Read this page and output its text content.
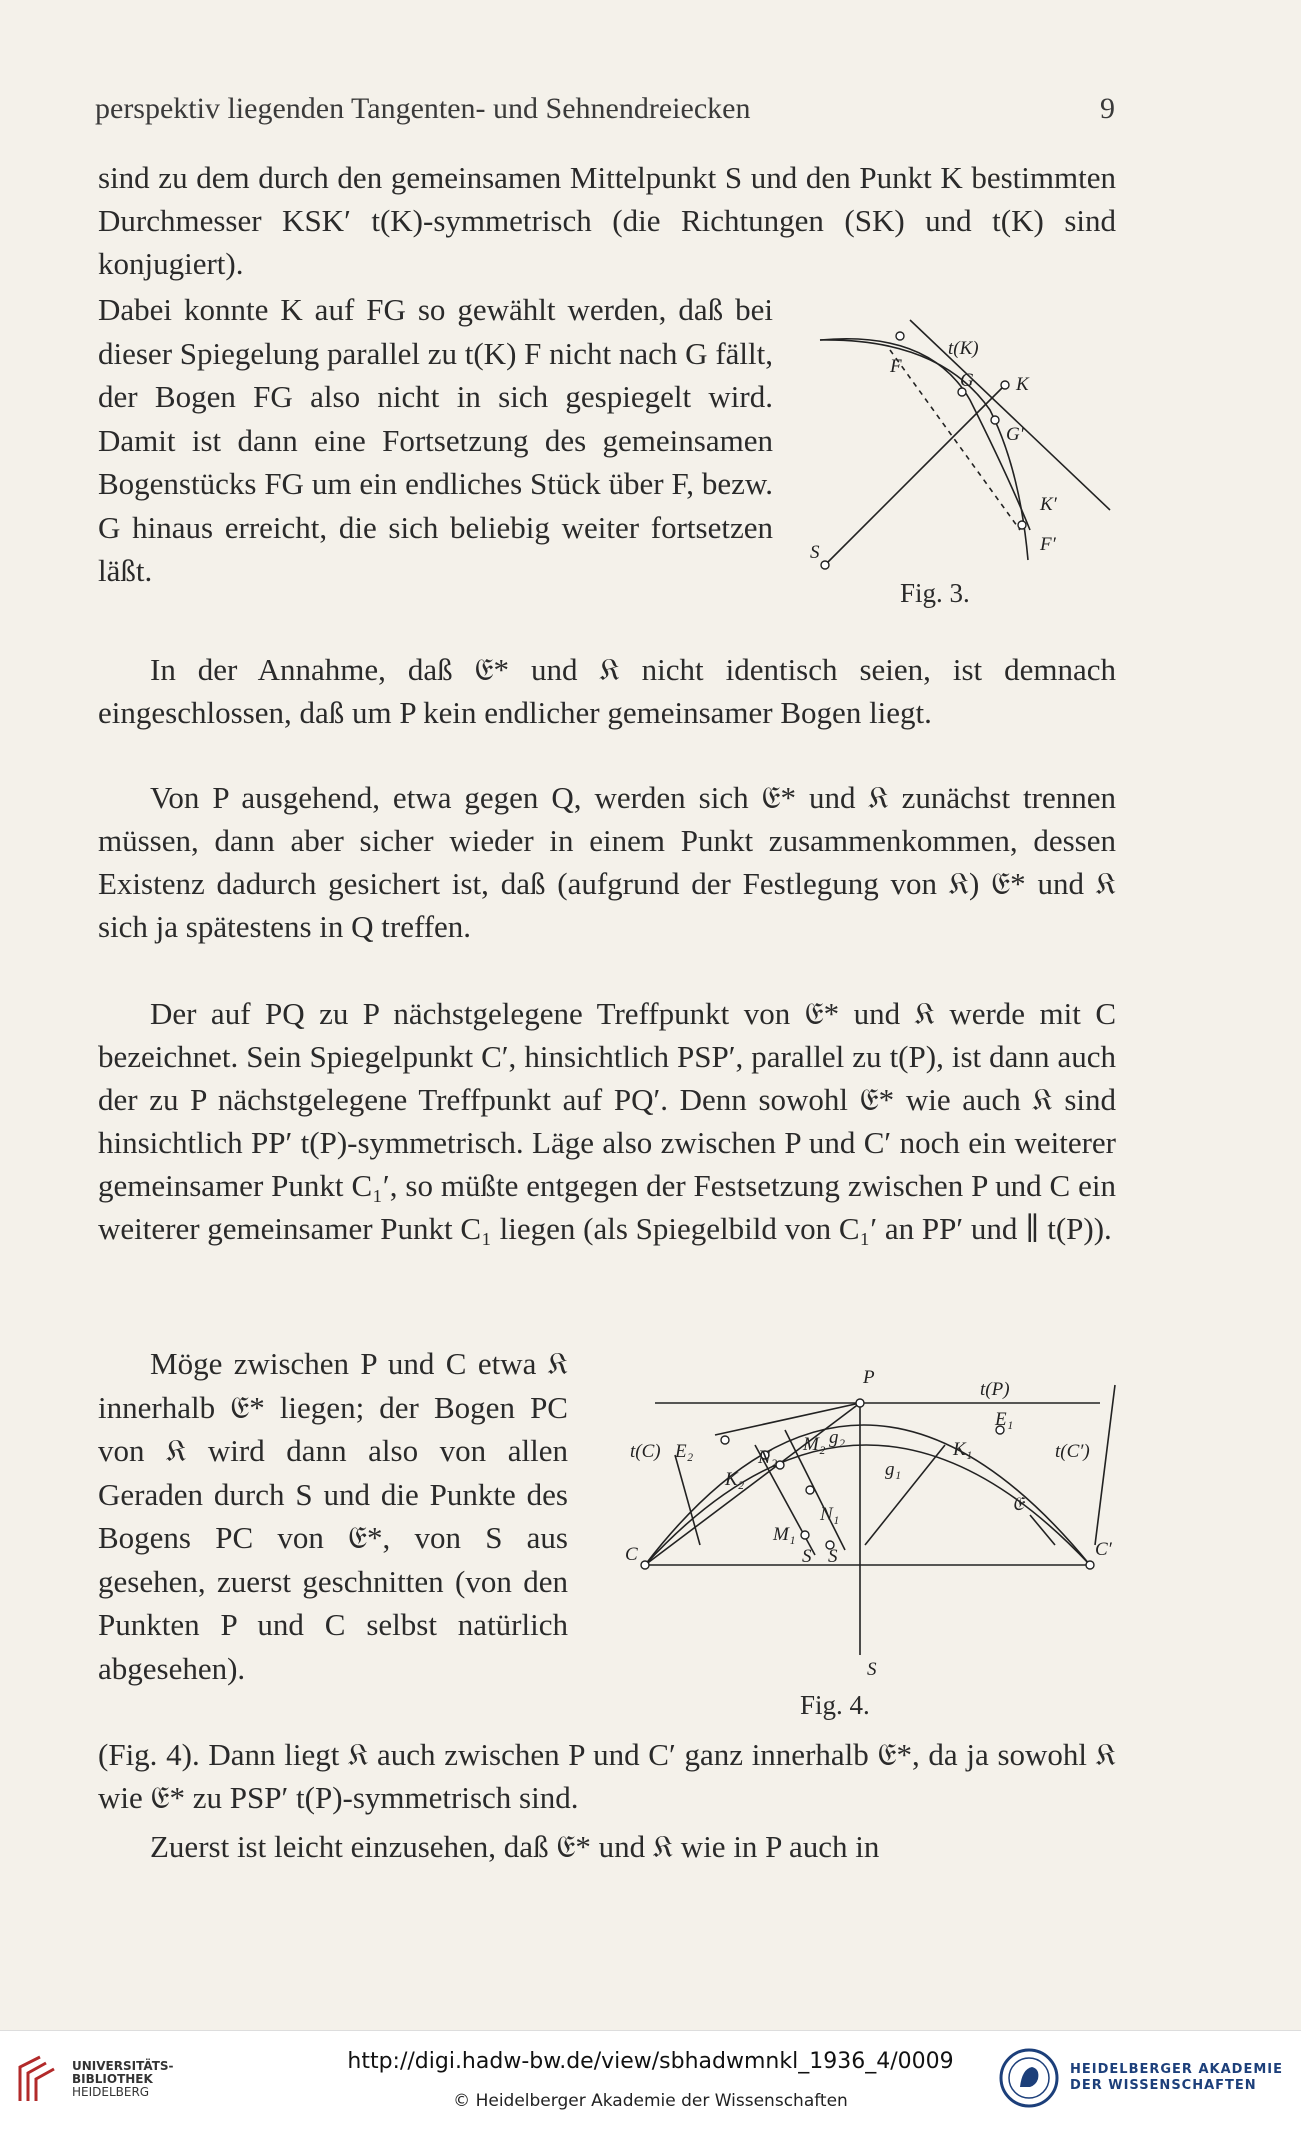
perspektiv liegenden Tangenten- und Sehnendreiecken	9

sind zu dem durch den gemeinsamen Mittelpunkt S und den Punkt K bestimmten Durchmesser KSK′ t(K)-symmetrisch (die Richtungen (SK) und t(K) sind konjugiert).

Dabei konnte K auf FG so gewählt werden, daß bei dieser Spiegelung parallel zu t(K) F nicht nach G fällt, der Bogen FG also nicht in sich gespiegelt wird. Damit ist dann eine Fortsetzung des gemeinsamen Bogenstücks FG um ein endliches Stück über F, bezw. G hinaus erreicht, die sich beliebig weiter fortsetzen läßt.

t(K)
F
G K
G′
K′
S	F′
Fig. 3.

In der Annahme, daß 𝔈* und 𝔎 nicht identisch seien, ist demnach eingeschlossen, daß um P kein endlicher gemeinsamer Bogen liegt.

Von P ausgehend, etwa gegen Q, werden sich 𝔈* und 𝔎 zunächst trennen müssen, dann aber sicher wieder in einem Punkt zusammenkommen, dessen Existenz dadurch gesichert ist, daß (aufgrund der Festlegung von 𝔎) 𝔈* und 𝔎 sich ja spätestens in Q treffen.

Der auf PQ zu P nächstgelegene Treffpunkt von 𝔈* und 𝔎 werde mit C bezeichnet. Sein Spiegelpunkt C′, hinsichtlich PSP′, parallel zu t(P), ist dann auch der zu P nächstgelegene Treffpunkt auf PQ′. Denn sowohl 𝔈* wie auch 𝔎 sind hinsichtlich PP′ t(P)-symmetrisch. Läge also zwischen P und C′ noch ein weiterer gemeinsamer Punkt C₁′, so müßte entgegen der Festsetzung zwischen P und C ein weiterer gemeinsamer Punkt C₁ liegen (als Spiegelbild von C₁′ an PP′ und ∥ t(P)).

Möge zwischen P und C etwa 𝔎 innerhalb 𝔈* liegen; der Bogen PC von 𝔎 wird dann also von allen Geraden durch S und die Punkte des Bogens PC von 𝔈*, von S aus gesehen, zuerst geschnitten (von den Punkten P und C selbst natürlich abgesehen).

P
t(P)
t(C) E₂
E₁
t(C′)
g₂
M₂
N₂
K₂
K₁
g₁
M₁
N₁
C	C′
S S
S
𝔈
Fig. 4.

(Fig. 4). Dann liegt 𝔎 auch zwischen P und C′ ganz innerhalb 𝔈*, da ja sowohl 𝔎 wie 𝔈* zu PSP′ t(P)-symmetrisch sind.

Zuerst ist leicht einzusehen, daß 𝔈* und 𝔎 wie in P auch in

UNIVERSITÄTS-
BIBLIOTHEK
HEIDELBERG
http://digi.hadw-bw.de/view/sbhadwmnkl_1936_4/0009
© Heidelberger Akademie der Wissenschaften
HEIDELBERGER AKADEMIE
DER WISSENSCHAFTEN
